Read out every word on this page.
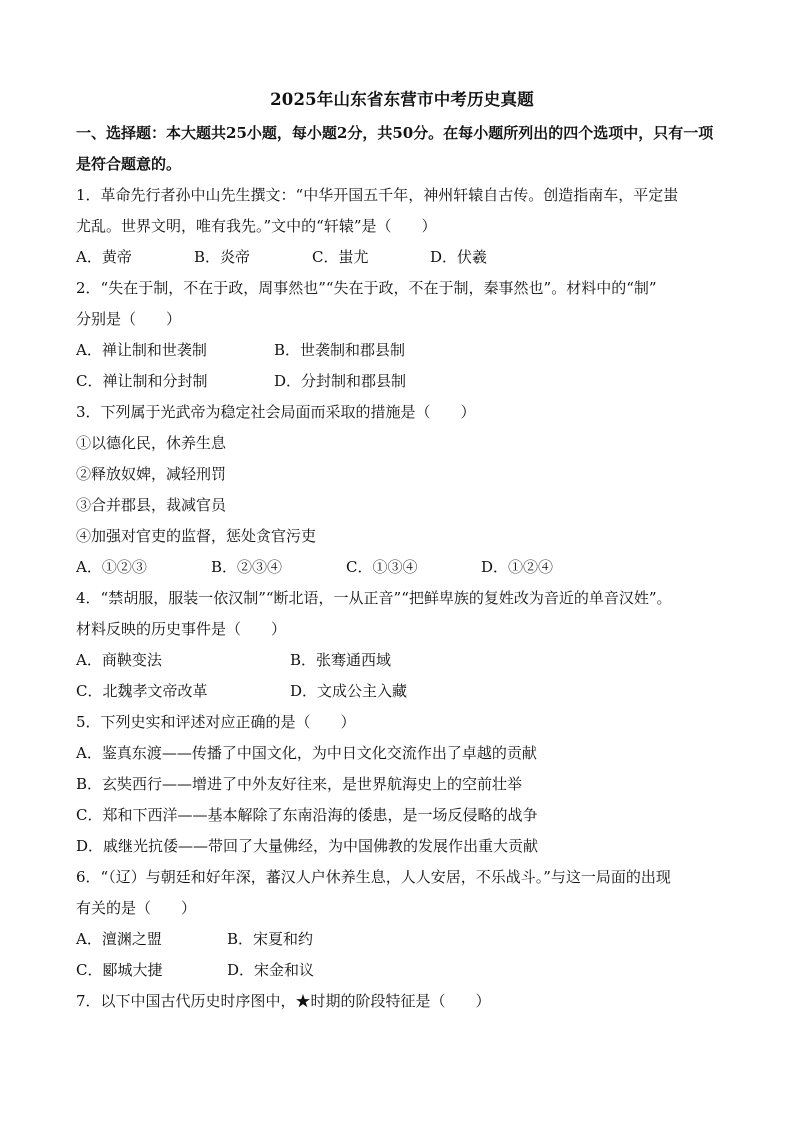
2025年山东省东营市中考历史真题
一、选择题：本大题共25小题，每小题2分，共50分。在每小题所列出的四个选项中，只有一项是符合题意的。
1．革命先行者孙中山先生撰文：“中华开国五千年，神州轩辕自古传。创造指南车，平定蚩
尤乱。世界文明，唯有我先。”文中的“轩辕”是（　　）
A．黄帝	B．炎帝	C．蚩尤	D．伏羲
2．“失在于制，不在于政，周事然也”“失在于政，不在于制，秦事然也”。材料中的“制”
分别是（　　）
A．禅让制和世袭制	B．世袭制和郡县制
C．禅让制和分封制	D．分封制和郡县制
3．下列属于光武帝为稳定社会局面而采取的措施是（　　）
①以德化民，休养生息
②释放奴婢，减轻刑罚
③合并郡县，裁减官员
④加强对官吏的监督，惩处贪官污吏
A．①②③	B．②③④	C．①③④	D．①②④
4．“禁胡服，服装一依汉制”“断北语，一从正音”“把鲜卑族的复姓改为音近的单音汉姓”。
材料反映的历史事件是（　　）
A．商鞅变法	B．张骞通西域
C．北魏孝文帝改革	D．文成公主入藏
5．下列史实和评述对应正确的是（　　）
A．鉴真东渡——传播了中国文化，为中日文化交流作出了卓越的贡献
B．玄奘西行——增进了中外友好往来，是世界航海史上的空前壮举
C．郑和下西洋——基本解除了东南沿海的倭患，是一场反侵略的战争
D．戚继光抗倭——带回了大量佛经，为中国佛教的发展作出重大贡献
6．“（辽）与朝廷和好年深，蕃汉人户休养生息，人人安居，不乐战斗。”与这一局面的出现
有关的是（　　）
A．澶渊之盟	B．宋夏和约
C．郾城大捷	D．宋金和议
7．以下中国古代历史时序图中，★时期的阶段特征是（　　）
